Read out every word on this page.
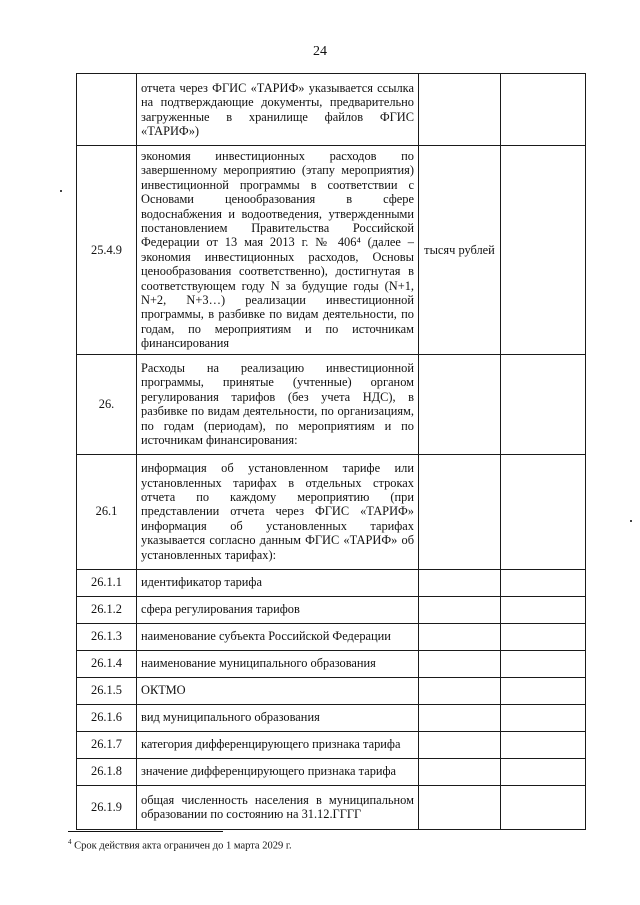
24
	отчета через ФГИС «ТАРИФ» указывается ссылка на подтверждающие документы, предварительно загруженные в хранилище файлов ФГИС «ТАРИФ»)		
25.4.9	экономия инвестиционных расходов по завершенному мероприятию (этапу мероприятия) инвестиционной программы в соответствии с Основами ценообразования в сфере водоснабжения и водоотведения, утвержденными постановлением Правительства Российской Федерации от 13 мая 2013 г. № 406⁴ (далее – экономия инвестиционных расходов, Основы ценообразования соответственно), достигнутая в соответствующем году N за будущие годы (N+1, N+2, N+3…) реализации инвестиционной программы, в разбивке по видам деятельности, по годам, по мероприятиям и по источникам финансирования	тысяч рублей	
26.	Расходы на реализацию инвестиционной программы, принятые (учтенные) органом регулирования тарифов (без учета НДС), в разбивке по видам деятельности, по организациям, по годам (периодам), по мероприятиям и по источникам финансирования:		
26.1	информация об установленном тарифе или установленных тарифах в отдельных строках отчета по каждому мероприятию (при представлении отчета через ФГИС «ТАРИФ» информация об установленных тарифах указывается согласно данным ФГИС «ТАРИФ» об установленных тарифах):		
26.1.1	идентификатор тарифа		
26.1.2	сфера регулирования тарифов		
26.1.3	наименование субъекта Российской Федерации		
26.1.4	наименование муниципального образования		
26.1.5	ОКТМО		
26.1.6	вид муниципального образования		
26.1.7	категория дифференцирующего признака тарифа		
26.1.8	значение дифференцирующего признака тарифа		
26.1.9	общая численность населения в муниципальном образовании по состоянию на 31.12.ГГГГ		
$^4$ Срок действия акта ограничен до 1 марта 2029 г.
